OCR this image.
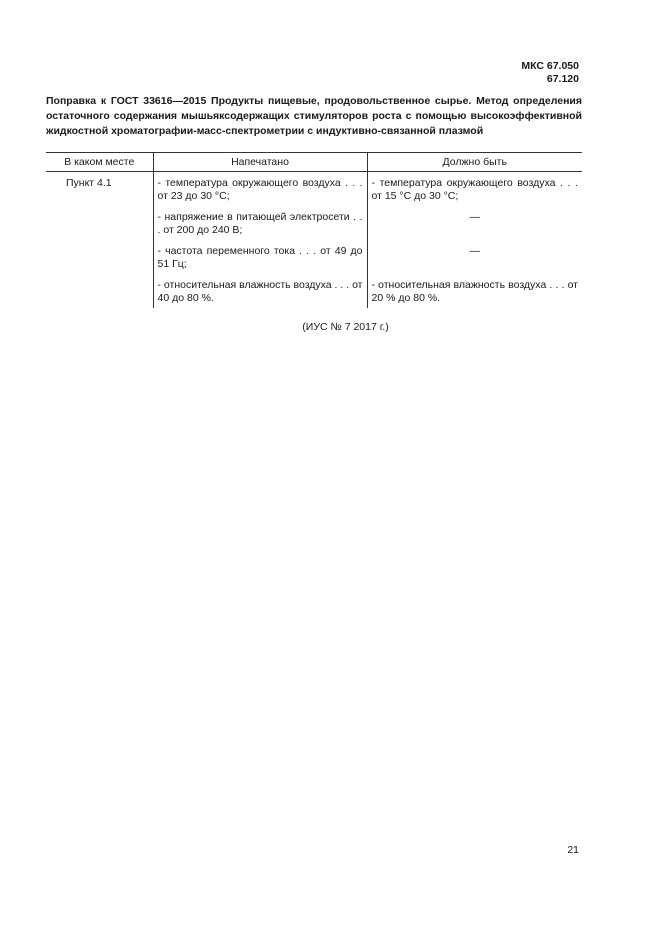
МКС 67.050
67.120
Поправка к ГОСТ 33616—2015 Продукты пищевые, продовольственное сырье. Метод определения остаточного содержания мышьяксодержащих стимуляторов роста с помощью высокоэффективной жидкостной хроматографии-масс-спектрометрии с индуктивно-связанной плазмой
В каком месте	Напечатано	Должно быть
Пункт 4.1	- температура окружающего воздуха . . . от 23 до 30 °С;	- температура окружающего воздуха . . . от 15 °С до 30 °С;

	- напряжение в питающей электросети . . . от 200 до 240 В;	—

	- частота переменного тока . . . от 49 до 51 Гц;	—

	- относительная влажность воздуха . . . от 40 до 80 %.	- относительная влажность воздуха . . . от 20 % до 80 %.
(ИУС № 7 2017 г.)
21
